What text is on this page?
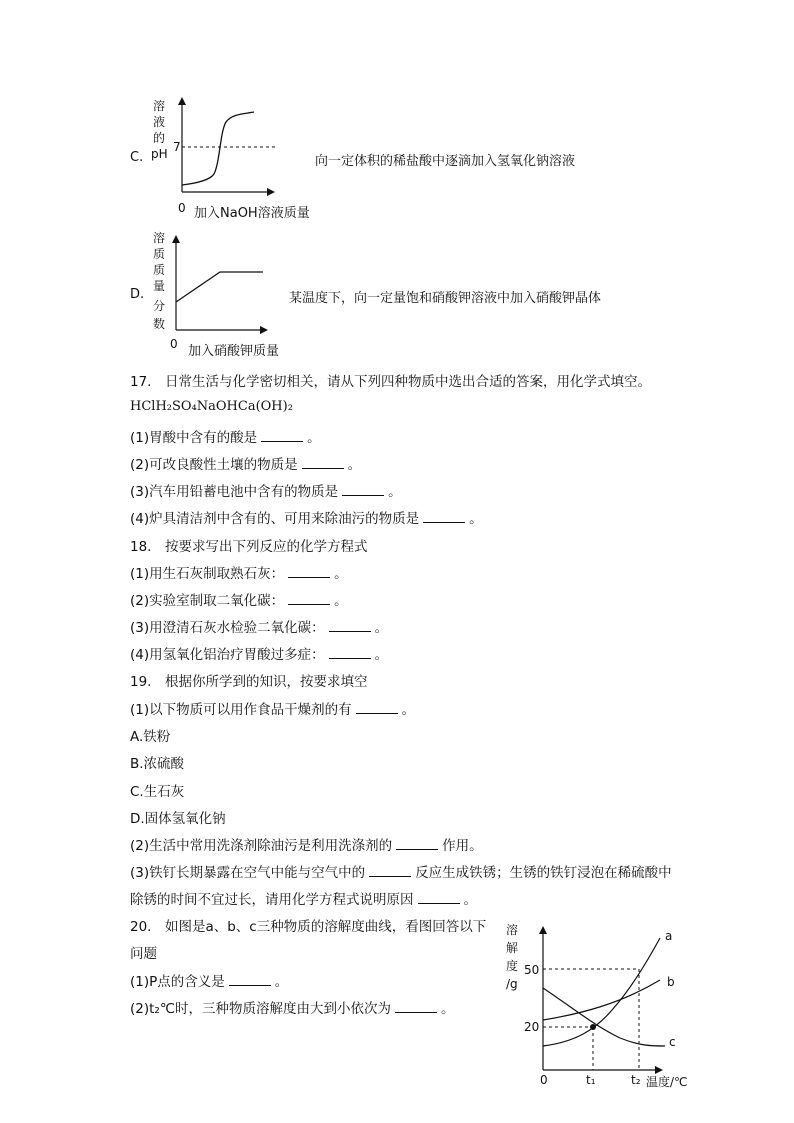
C.
溶
液
的
pH 7
0 加入NaOH溶液质量
向一定体积的稀盐酸中逐滴加入氢氧化钠溶液
D.
溶
质
质
量
分
数
0 加入硝酸钾质量
某温度下，向一定量饱和硝酸钾溶液中加入硝酸钾晶体
17.　日常生活与化学密切相关，请从下列四种物质中选出合适的答案，用化学式填空。
HClH₂SO₄NaOHCa(OH)₂
(1)胃酸中含有的酸是	。
(2)可改良酸性土壤的物质是	。
(3)汽车用铅蓄电池中含有的物质是	。
(4)炉具清洁剂中含有的、可用来除油污的物质是	。
18.　按要求写出下列反应的化学方程式
(1)用生石灰制取熟石灰：	。
(2)实验室制取二氧化碳：	。
(3)用澄清石灰水检验二氧化碳：	。
(4)用氢氧化铝治疗胃酸过多症：	。
19.　根据你所学到的知识，按要求填空
(1)以下物质可以用作食品干燥剂的有	。
A.铁粉
B.浓硫酸
C.生石灰
D.固体氢氧化钠
(2)生活中常用洗涤剂除油污是利用洗涤剂的	作用。
(3)铁钉长期暴露在空气中能与空气中的	反应生成铁锈；生锈的铁钉浸泡在稀硫酸中
除锈的时间不宜过长，请用化学方程式说明原因	。
20.　如图是a、b、c三种物质的溶解度曲线，看图回答以下
问题
(1)P点的含义是	。
(2)t₂℃时，三种物质溶解度由大到小依次为	。
溶
解
度
/g
50
20
0	t₁	t₂ 温度/℃
a
b
c
